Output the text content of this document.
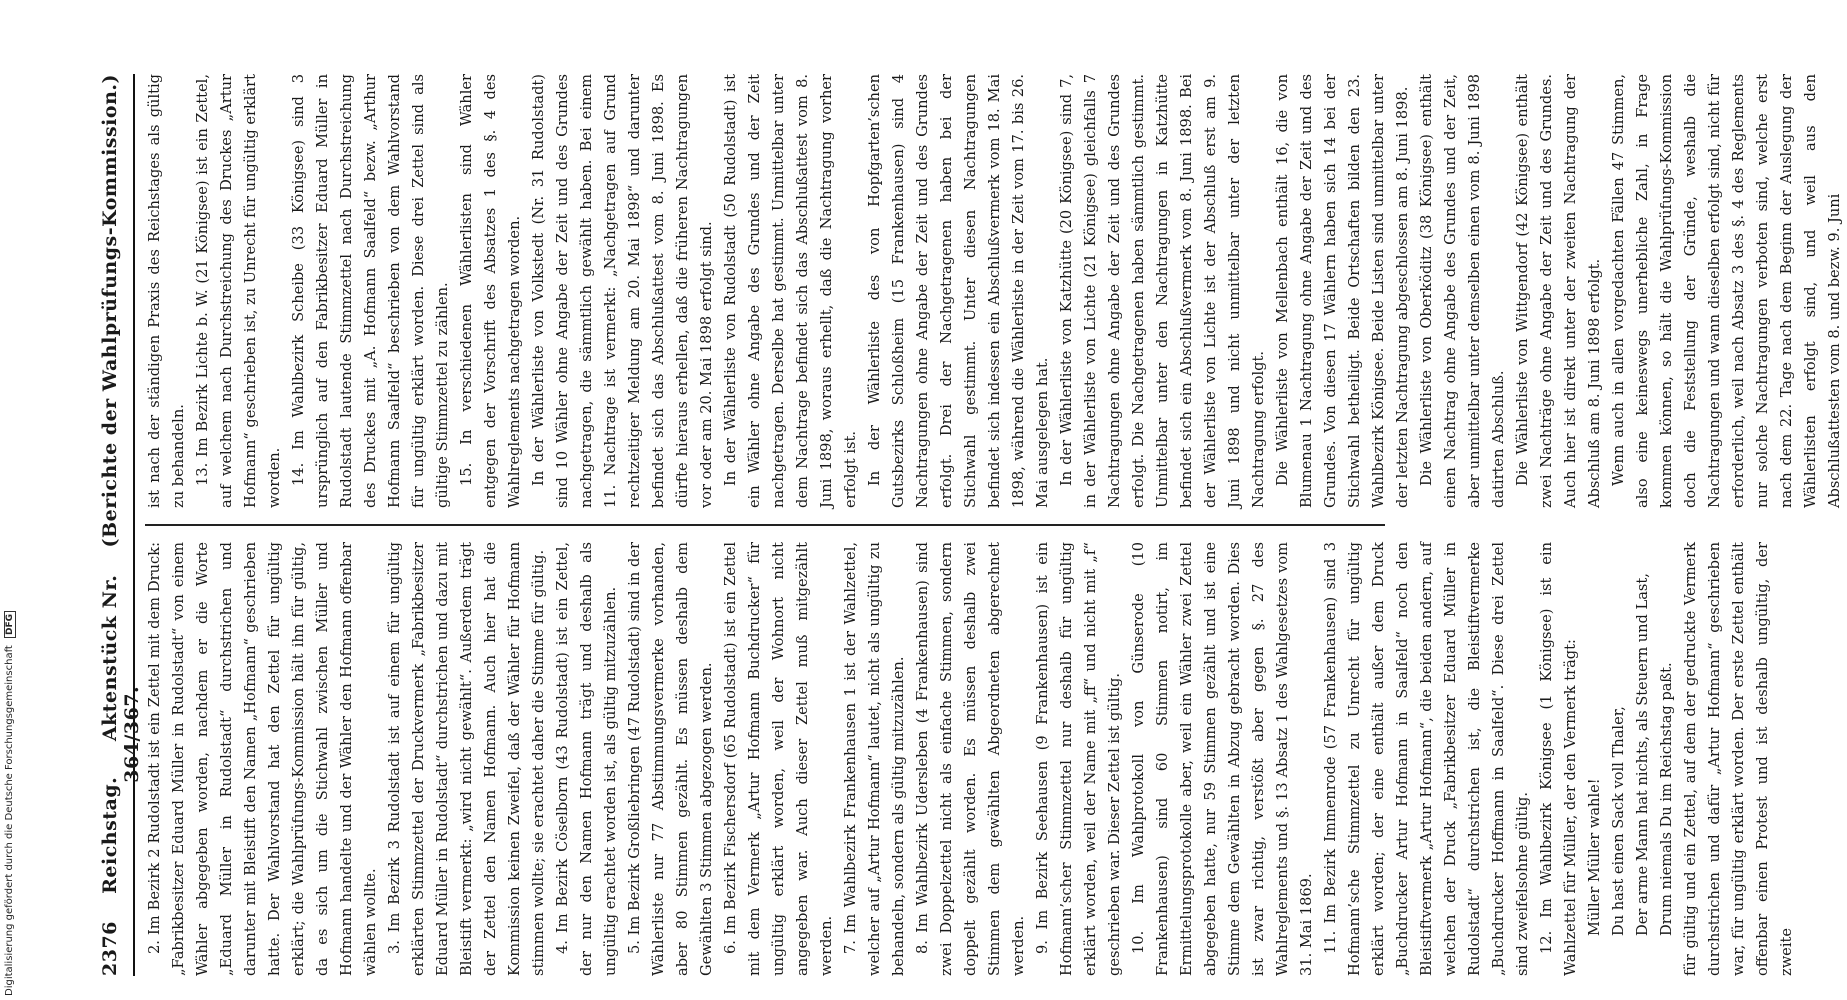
2376
Reichstag.     Aktenstück Nr. 364/367.
(Berichte der Wahlprüfungs-Kommission.)

2. Im Bezirk 2 Rudolstadt ist ein Zettel mit dem Druck: „Fabrikbesitzer Eduard Müller in Rudolstadt“ von einem Wähler abgegeben worden, nachdem er die Worte „Eduard Müller in Rudolstadt“ durchstrichen und darunter mit Bleistift den Namen „Hofmann“ geschrieben hatte. Der Wahlvorstand hat den Zettel für ungültig erklärt; die Wahlprüfungs-Kommission hält ihn für gültig, da es sich um die Stichwahl zwischen Müller und Hofmann handelte und der Wähler den Hofmann offenbar wählen wollte. 3. Im Bezirk 3 Rudolstadt ist auf einem für ungültig erklärten Stimmzettel der Druckvermerk „Fabrikbesitzer Eduard Müller in Rudolstadt“ durchstrichen und dazu mit Bleistift vermerkt: „wird nicht gewählt“. Außerdem trägt der Zettel den Namen Hofmann. Auch hier hat die Kommission keinen Zweifel, daß der Wähler für Hofmann stimmen wollte; sie erachtet daher die Stimme für gültig. 4. Im Bezirk Cöselborn (43 Rudolstadt) ist ein Zettel, der nur den Namen Hofmann trägt und deshalb als ungültig erachtet worden ist, als gültig mitzuzählen. 5. Im Bezirk Großliebringen (47 Rudolstadt) sind in der Wählerliste nur 77 Abstimmungsvermerke vorhanden, aber 80 Stimmen gezählt. Es müssen deshalb dem Gewählten 3 Stimmen abgezogen werden. 6. Im Bezirk Fischersdorf (65 Rudolstadt) ist ein Zettel mit dem Vermerk „Artur Hofmann Buchdrucker“ für ungültig erklärt worden, weil der Wohnort nicht angegeben war. Auch dieser Zettel muß mitgezählt werden. 7. Im Wahlbezirk Frankenhausen 1 ist der Wahlzettel, welcher auf „Artur Hofmann“ lautet, nicht als ungültig zu behandeln, sondern als gültig mitzuzählen. 8. Im Wahlbezirk Udersleben (4 Frankenhausen) sind zwei Doppelzettel nicht als einfache Stimmen, sondern doppelt gezählt worden. Es müssen deshalb zwei Stimmen dem gewählten Abgeordneten abgerechnet werden. 9. Im Bezirk Seehausen (9 Frankenhausen) ist ein Hofmann’scher Stimmzettel nur deshalb für ungültig erklärt worden, weil der Name mit „ff“ und nicht mit „f“ geschrieben war. Dieser Zettel ist gültig. 10. Im Wahlprotokoll von Günserode (10 Frankenhausen) sind 60 Stimmen notirt, im Ermittelungsprotokolle aber, weil ein Wähler zwei Zettel abgegeben hatte, nur 59 Stimmen gezählt und ist eine Stimme dem Gewählten in Abzug gebracht worden. Dies ist zwar richtig, verstößt aber gegen §. 27 des Wahlreglements und §. 13 Absatz 1 des Wahlgesetzes vom 31. Mai 1869. 11. Im Bezirk Immenrode (57 Frankenhausen) sind 3 Hofmann’sche Stimmzettel zu Unrecht für ungültig erklärt worden; der eine enthält außer dem Druck „Buchdrucker Artur Hofmann in Saalfeld“ noch den Bleistiftvermerk „Artur Hofmann“, die beiden andern, auf welchen der Druck „Fabrikbesitzer Eduard Müller in Rudolstadt“ durchstrichen ist, die Bleistiftvermerke „Buchdrucker Hoffmann in Saalfeld“. Diese drei Zettel sind zweifelsohne gültig. 12. Im Wahlbezirk Königsee (1 Königsee) ist ein Wahlzettel für Müller, der den Vermerk trägt: Müller Müller wahle! Du hast einen Sack voll Thaler, Der arme Mann hat nichts, als Steuern und Last, Drum niemals Du im Reichstag paßt. für gültig und ein Zettel, auf dem der gedruckte Vermerk durchstrichen und dafür „Artur Hofmann“ geschrieben war, für ungültig erklärt worden. Der erste Zettel enthält offenbar einen Protest und ist deshalb ungültig, der zweite

ist nach der ständigen Praxis des Reichstages als gültig zu behandeln. 13. Im Bezirk Lichte b. W. (21 Königsee) ist ein Zettel, auf welchem nach Durchstreichung des Druckes „Artur Hofmann“ geschrieben ist, zu Unrecht für ungültig erklärt worden. 14. Im Wahlbezirk Scheibe (33 Königsee) sind 3 ursprünglich auf den Fabrikbesitzer Eduard Müller in Rudolstadt lautende Stimmzettel nach Durchstreichung des Druckes mit „A. Hofmann Saalfeld“ bezw. „Arthur Hofmann Saalfeld“ beschrieben von dem Wahlvorstand für ungültig erklärt worden. Diese drei Zettel sind als gültige Stimmzettel zu zählen. 15. In verschiedenen Wählerlisten sind Wähler entgegen der Vorschrift des Absatzes 1 des §. 4 des Wahlreglements nachgetragen worden. In der Wählerliste von Volkstedt (Nr. 31 Rudolstadt) sind 10 Wähler ohne Angabe der Zeit und des Grundes nachgetragen, die sämmtlich gewählt haben. Bei einem 11. Nachtrage ist vermerkt: „Nachgetragen auf Grund rechtzeitiger Meldung am 20. Mai 1898“ und darunter befindet sich das Abschlußattest vom 8. Juni 1898. Es dürfte hieraus erhellen, daß die früheren Nachtragungen vor oder am 20. Mai 1898 erfolgt sind. In der Wählerliste von Rudolstadt (50 Rudolstadt) ist ein Wähler ohne Angabe des Grundes und der Zeit nachgetragen. Derselbe hat gestimmt. Unmittelbar unter dem Nachtrage befindet sich das Abschlußattest vom 8. Juni 1898, woraus erhellt, daß die Nachtragung vorher erfolgt ist. In der Wählerliste des von Hopfgarten’schen Gutsbezirks Schloßheim (15 Frankenhausen) sind 4 Nachtragungen ohne Angabe der Zeit und des Grundes erfolgt. Drei der Nachgetragenen haben bei der Stichwahl gestimmt. Unter diesen Nachtragungen befindet sich indessen ein Abschlußvermerk vom 18. Mai 1898, während die Wählerliste in der Zeit vom 17. bis 26. Mai ausgelegen hat. In der Wählerliste von Katzhütte (20 Königsee) sind 7, in der Wählerliste von Lichte (21 Königsee) gleichfalls 7 Nachtragungen ohne Angabe der Zeit und des Grundes erfolgt. Die Nachgetragenen haben sämmtlich gestimmt. Unmittelbar unter den Nachtragungen in Katzhütte befindet sich ein Abschlußvermerk vom 8. Juni 1898. Bei der Wählerliste von Lichte ist der Abschluß erst am 9. Juni 1898 und nicht unmittelbar unter der letzten Nachtragung erfolgt. Die Wählerliste von Mellenbach enthält 16, die von Blumenau 1 Nachtragung ohne Angabe der Zeit und des Grundes. Von diesen 17 Wählern haben sich 14 bei der Stichwahl betheiligt. Beide Ortschaften bilden den 23. Wahlbezirk Königsee. Beide Listen sind unmittelbar unter der letzten Nachtragung abgeschlossen am 8. Juni 1898. Die Wählerliste von Oberköditz (38 Königsee) enthält einen Nachtrag ohne Angabe des Grundes und der Zeit, aber unmittelbar unter demselben einen vom 8. Juni 1898 datirten Abschluß. Die Wählerliste von Wittgendorf (42 Königsee) enthält zwei Nachträge ohne Angabe der Zeit und des Grundes. Auch hier ist direkt unter der zweiten Nachtragung der Abschluß am 8. Juni 1898 erfolgt. Wenn auch in allen vorgedachten Fällen 47 Stimmen, also eine keineswegs unerhebliche Zahl, in Frage kommen können, so hält die Wahlprüfungs-Kommission doch die Feststellung der Gründe, weshalb die Nachtragungen und wann dieselben erfolgt sind, nicht für erforderlich, weil nach Absatz 3 des §. 4 des Reglements nur solche Nachtragungen verboten sind, welche erst nach dem 22. Tage nach dem Beginn der Auslegung der Wählerlisten erfolgt sind, und weil aus den Abschlußattesten vom 8. und bezw. 9. Juni

Digitalisierung gefördert durch die Deutsche Forschungsgemeinschaft DFG
